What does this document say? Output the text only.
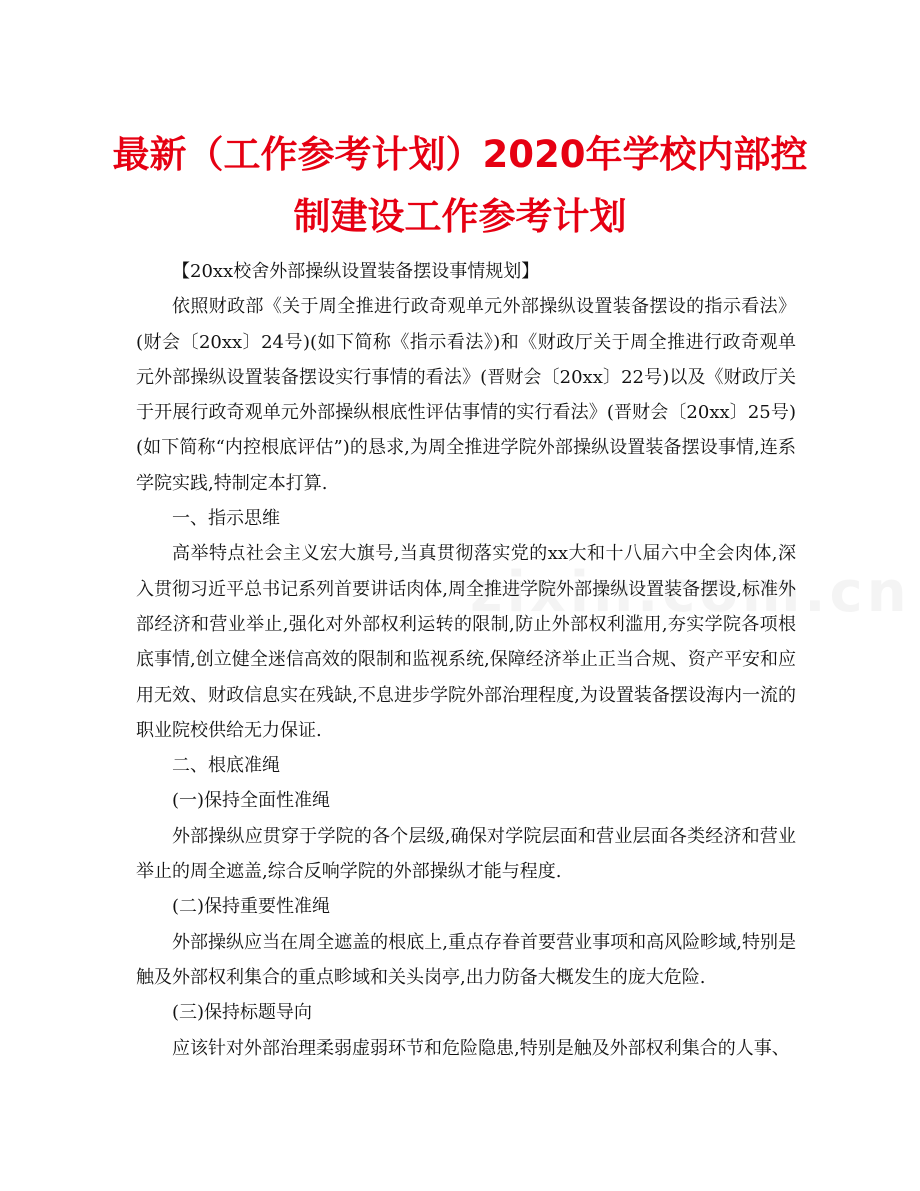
最新（工作参考计划）2020年学校内部控
制建设工作参考计划

【20xx校舍外部操纵设置装备摆设事情规划】

依照财政部《关于周全推进行政奇观单元外部操纵设置装备摆设的指示看法》(财会〔20xx〕24号)(如下简称《指示看法》)和《财政厅关于周全推进行政奇观单元外部操纵设置装备摆设实行事情的看法》(晋财会〔20xx〕22号)以及《财政厅关于开展行政奇观单元外部操纵根底性评估事情的实行看法》(晋财会〔20xx〕25号)(如下简称“内控根底评估”)的恳求,为周全推进学院外部操纵设置装备摆设事情,连系学院实践,特制定本打算.

一、指示思维

高举特点社会主义宏大旗号,当真贯彻落实党的xx大和十八届六中全会肉体,深入贯彻习近平总书记系列首要讲话肉体,周全推进学院外部操纵设置装备摆设,标准外部经济和营业举止,强化对外部权利运转的限制,防止外部权利滥用,夯实学院各项根底事情,创立健全迷信高效的限制和监视系统,保障经济举止正当合规、资产平安和应用无效、财政信息实在残缺,不息进步学院外部治理程度,为设置装备摆设海内一流的职业院校供给无力保证.

二、根底准绳

(一)保持全面性准绳

外部操纵应贯穿于学院的各个层级,确保对学院层面和营业层面各类经济和营业举止的周全遮盖,综合反响学院的外部操纵才能与程度.

(二)保持重要性准绳

外部操纵应当在周全遮盖的根底上,重点存眷首要营业事项和高风险畛域,特别是触及外部权利集合的重点畛域和关头岗亭,出力防备大概发生的庞大危险.

(三)保持标题导向

应该针对外部治理柔弱虚弱环节和危险隐患,特别是触及外部权利集合的人事、
